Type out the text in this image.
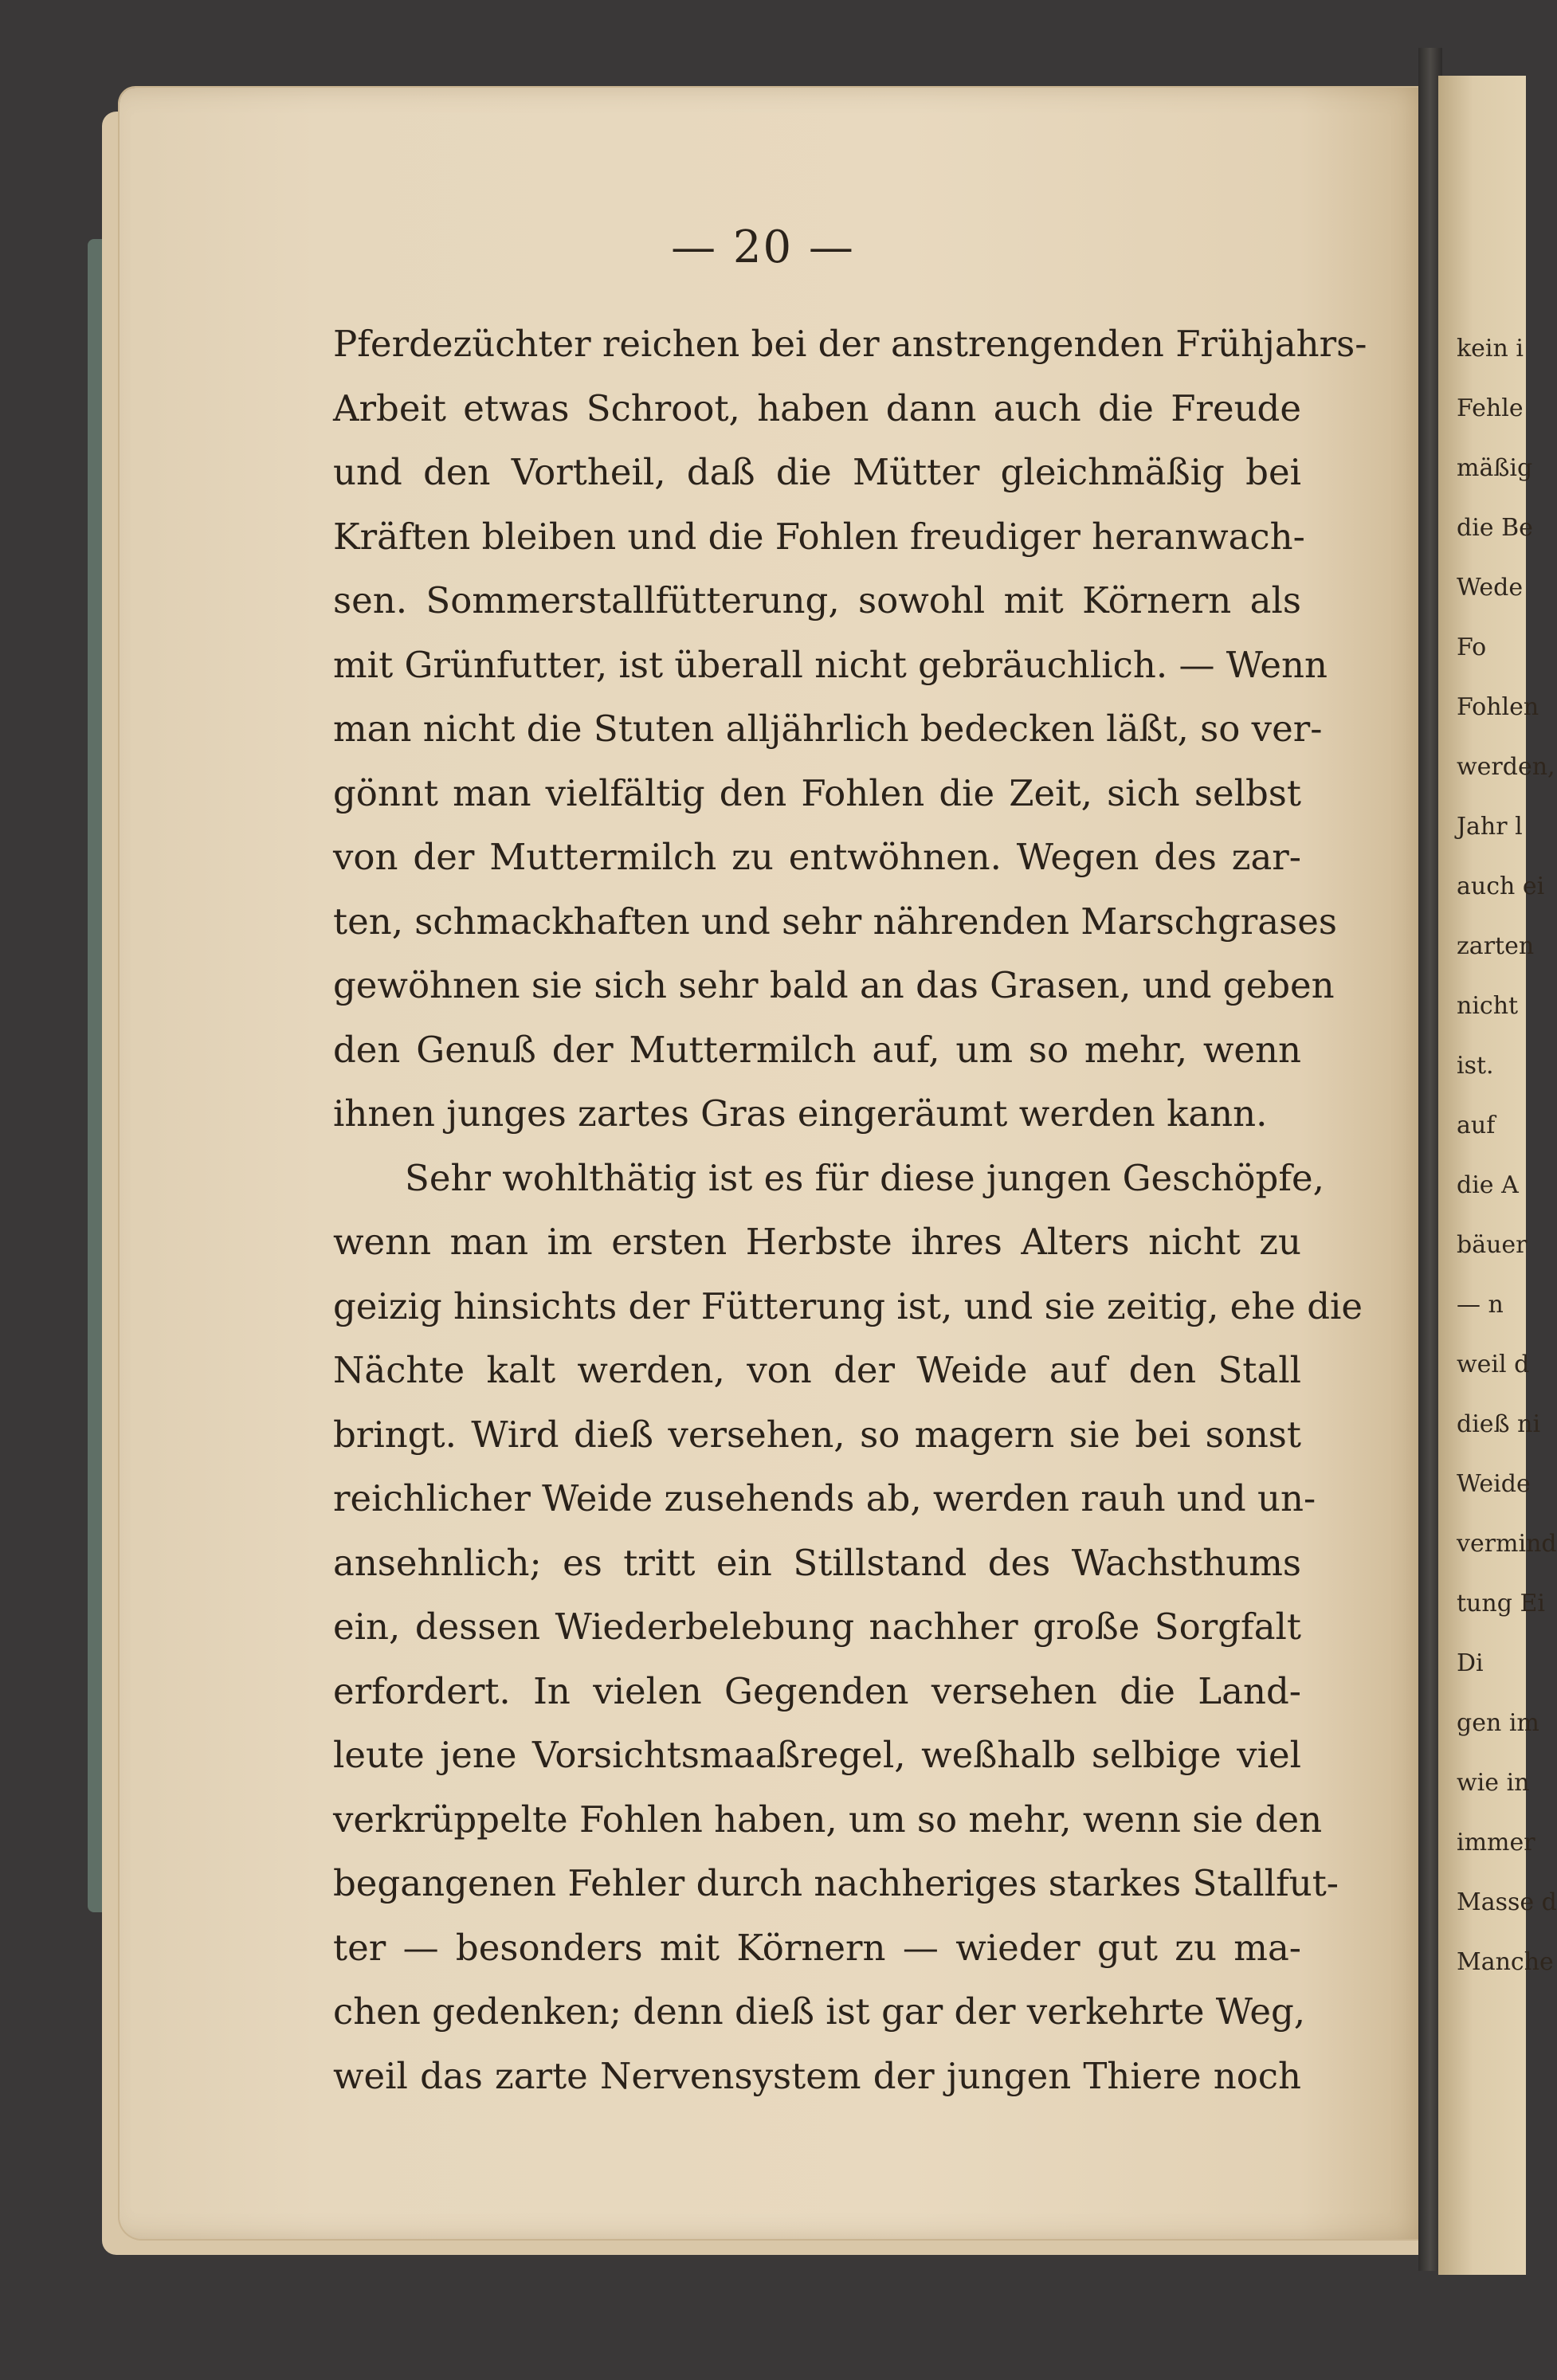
— 20 —
Pferdezüchter reichen bei der anstrengenden Frühjahrs-
Arbeit etwas Schroot, haben dann auch die Freude
und den Vortheil, daß die Mütter gleichmäßig bei
Kräften bleiben und die Fohlen freudiger heranwach-
sen. Sommerstallfütterung, sowohl mit Körnern als
mit Grünfutter, ist überall nicht gebräuchlich. — Wenn
man nicht die Stuten alljährlich bedecken läßt, so ver-
gönnt man vielfältig den Fohlen die Zeit, sich selbst
von der Muttermilch zu entwöhnen. Wegen des zar-
ten, schmackhaften und sehr nährenden Marschgrases
gewöhnen sie sich sehr bald an das Grasen, und geben
den Genuß der Muttermilch auf, um so mehr, wenn
ihnen junges zartes Gras eingeräumt werden kann.
Sehr wohlthätig ist es für diese jungen Geschöpfe,
wenn man im ersten Herbste ihres Alters nicht zu
geizig hinsichts der Fütterung ist, und sie zeitig, ehe die
Nächte kalt werden, von der Weide auf den Stall
bringt. Wird dieß versehen, so magern sie bei sonst
reichlicher Weide zusehends ab, werden rauh und un-
ansehnlich; es tritt ein Stillstand des Wachsthums
ein, dessen Wiederbelebung nachher große Sorgfalt
erfordert. In vielen Gegenden versehen die Land-
leute jene Vorsichtsmaaßregel, weßhalb selbige viel
verkrüppelte Fohlen haben, um so mehr, wenn sie den
begangenen Fehler durch nachheriges starkes Stallfut-
ter — besonders mit Körnern — wieder gut zu ma-
chen gedenken; denn dieß ist gar der verkehrte Weg,
weil das zarte Nervensystem der jungen Thiere noch
kein i
Fehle
mäßig
die Be
Wede
Fo
Fohlen
werden,
Jahr l
auch ei
zarten
nicht
ist.
auf
die A
bäuer
— n
weil d
dieß ni
Weide
vermind
tung Ei
Di
gen im
wie in
immer
Masse d
Manche
